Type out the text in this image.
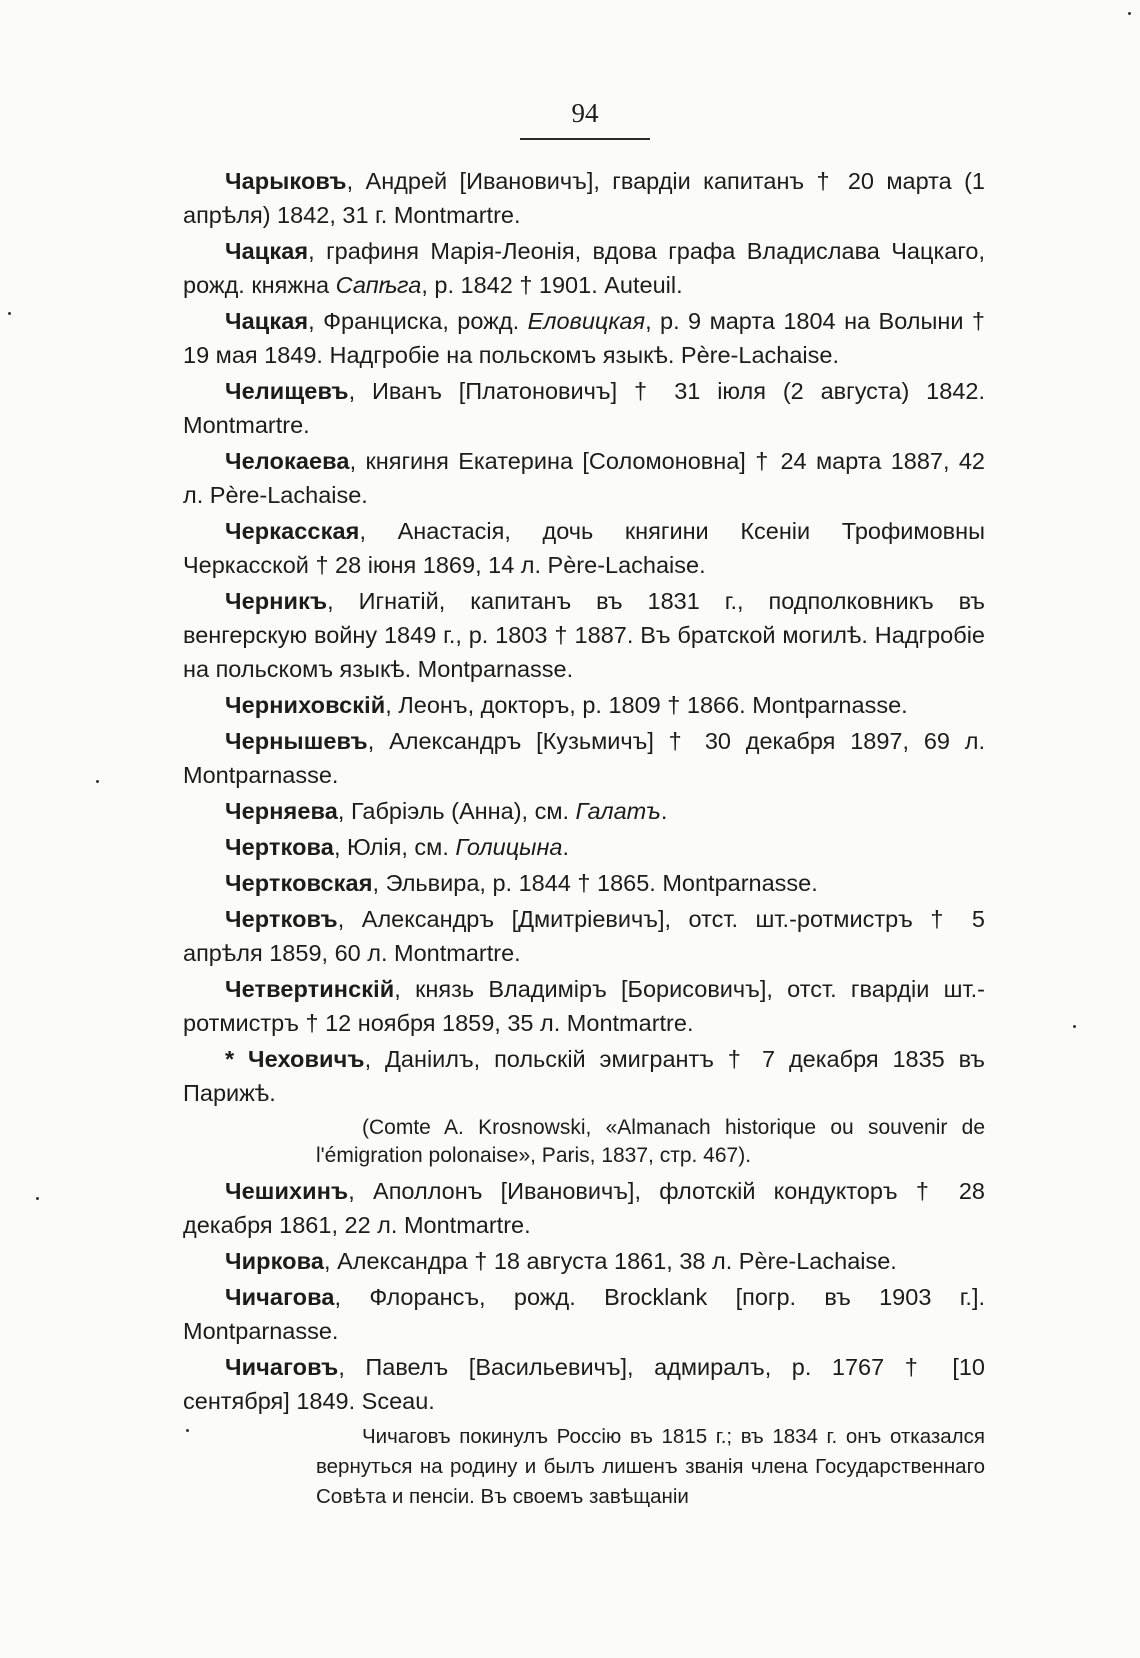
94

Чарыковъ, Андрей [Ивановичъ], гвардіи капитанъ † 20 марта (1 апрѣля) 1842, 31 г. Montmartre.

Чацкая, графиня Марія-Леонія, вдова графа Владислава Чацкаго, рожд. княжна Сапѣга, р. 1842 † 1901. Auteuil.

Чацкая, Франциска, рожд. Еловицкая, р. 9 марта 1804 на Волыни † 19 мая 1849. Надгробіе на польскомъ языкѣ. Père-Lachaise.

Челищевъ, Иванъ [Платоновичъ] † 31 іюля (2 августа) 1842. Montmartre.

Челокаева, княгиня Екатерина [Соломоновна] † 24 марта 1887, 42 л. Père-Lachaise.

Черкасская, Анастасія, дочь княгини Ксеніи Трофимовны Черкасской † 28 іюня 1869, 14 л. Père-Lachaise.

Черникъ, Игнатій, капитанъ въ 1831 г., подполковникъ въ венгерскую войну 1849 г., р. 1803 † 1887. Въ братской могилѣ. Надгробіе на польскомъ языкѣ. Montparnasse.

Черниховскій, Леонъ, докторъ, р. 1809 † 1866. Montparnasse.

Чернышевъ, Александръ [Кузьмичъ] † 30 декабря 1897, 69 л. Montparnasse.

Черняева, Габріэль (Анна), см. Галатъ.

Черткова, Юлія, см. Голицына.

Чертковская, Эльвира, р. 1844 † 1865. Montparnasse.

Чертковъ, Александръ [Дмитріевичъ], отст. шт.-ротмистръ † 5 апрѣля 1859, 60 л. Montmartre.

Четвертинскій, князь Владиміръ [Борисовичъ], отст. гвардіи шт.-ротмистръ † 12 ноября 1859, 35 л. Montmartre.

* Чеховичъ, Даніилъ, польскій эмигрантъ † 7 декабря 1835 въ Парижѣ.

(Comte A. Krosnowski, «Almanach historique ou souvenir de l'émigration polonaise», Paris, 1837, стр. 467).

Чешихинъ, Аполлонъ [Ивановичъ], флотскій кондукторъ † 28 декабря 1861, 22 л. Montmartre.

Чиркова, Александра † 18 августа 1861, 38 л. Père-Lachaise.

Чичагова, Флорансъ, рожд. Brocklank [погр. въ 1903 г.]. Montparnasse.

Чичаговъ, Павелъ [Васильевичъ], адмиралъ, р. 1767 † [10 сентября] 1849. Sceau.

Чичаговъ покинулъ Россію въ 1815 г.; въ 1834 г. онъ отказался вернуться на родину и былъ лишенъ званія члена Государственнаго Совѣта и пенсіи. Въ своемъ завѣщаніи
